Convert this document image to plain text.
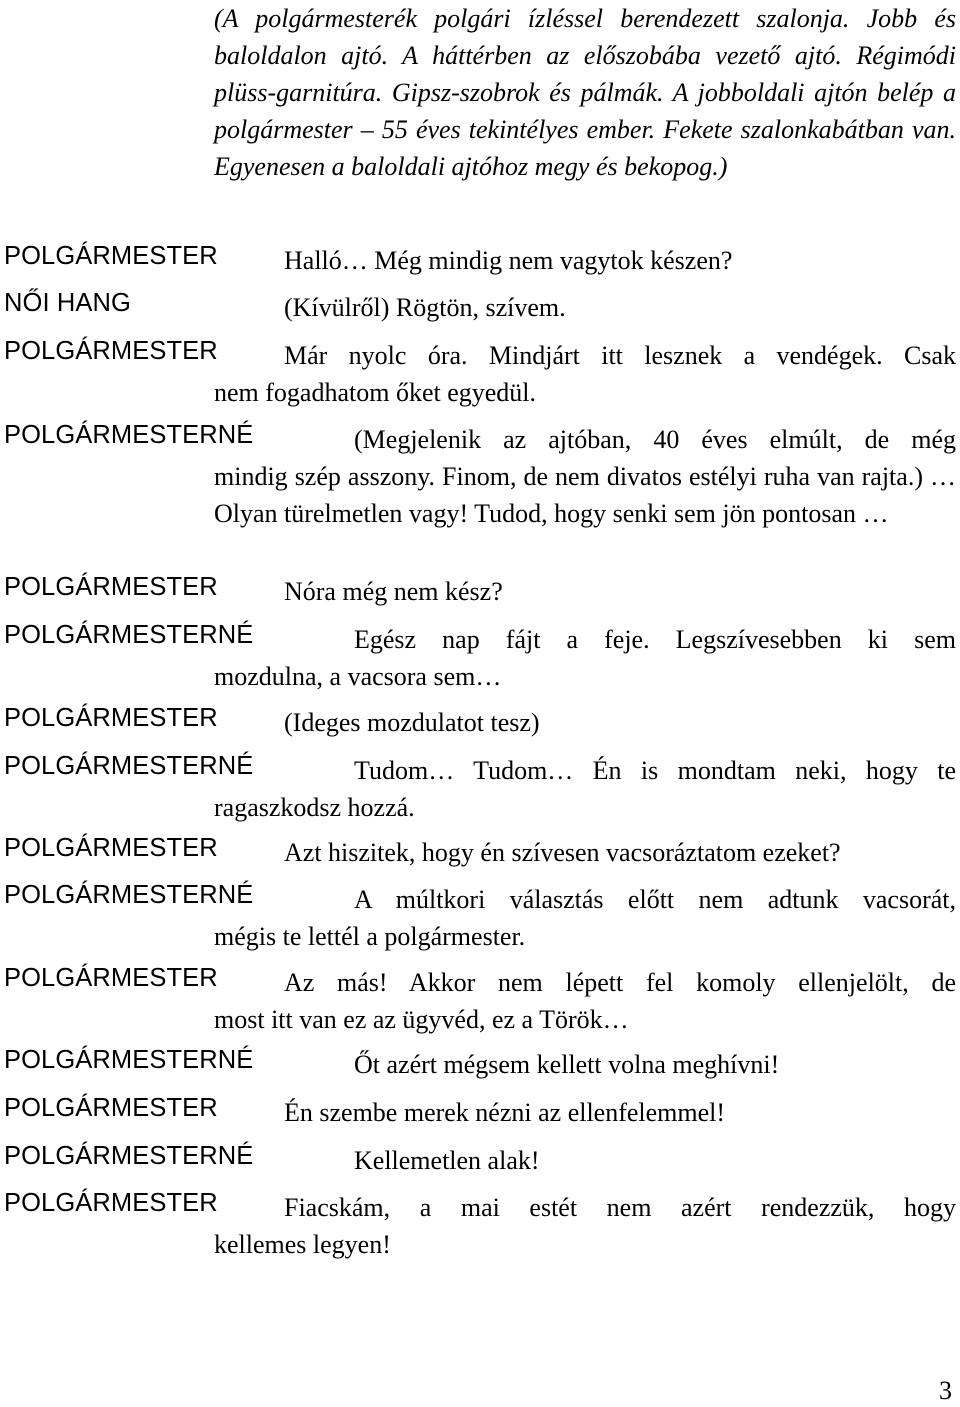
(A polgármesterék polgári ízléssel berendezett szalonja. Jobb és baloldalon ajtó. A háttérben az előszobába vezető ajtó. Régimódi plüss-garnitúra. Gipsz-szobrok és pálmák. A jobboldali ajtón belép a polgármester – 55 éves tekintélyes ember. Fekete szalonkabátban van. Egyenesen a baloldali ajtóhoz megy és bekopog.)
POLGÁRMESTER	Halló… Még mindig nem vagytok készen?
NŐI HANG	(Kívülről) Rögtön, szívem.
POLGÁRMESTER	Már nyolc óra. Mindjárt itt lesznek a vendégek. Csak
nem fogadhatom őket egyedül.
POLGÁRMESTERNÉ	(Megjelenik az ajtóban, 40 éves elmúlt, de még
mindig szép asszony. Finom, de nem divatos estélyi ruha van rajta.) … Olyan türelmetlen vagy! Tudod, hogy senki sem jön pontosan …
POLGÁRMESTER	Nóra még nem kész?
POLGÁRMESTERNÉ	Egész nap fájt a feje. Legszívesebben ki sem
mozdulna, a vacsora sem…
POLGÁRMESTER	(Ideges mozdulatot tesz)
POLGÁRMESTERNÉ	Tudom… Tudom… Én is mondtam neki, hogy te
ragaszkodsz hozzá.
POLGÁRMESTER	Azt hiszitek, hogy én szívesen vacsoráztatom ezeket?
POLGÁRMESTERNÉ	A múltkori választás előtt nem adtunk vacsorát,
mégis te lettél a polgármester.
POLGÁRMESTER	Az más! Akkor nem lépett fel komoly ellenjelölt, de
most itt van ez az ügyvéd, ez a Török…
POLGÁRMESTERNÉ	Őt azért mégsem kellett volna meghívni!
POLGÁRMESTER	Én szembe merek nézni az ellenfelemmel!
POLGÁRMESTERNÉ	Kellemetlen alak!
POLGÁRMESTER	Fiacskám, a mai estét nem azért rendezzük, hogy
kellemes legyen!
3
